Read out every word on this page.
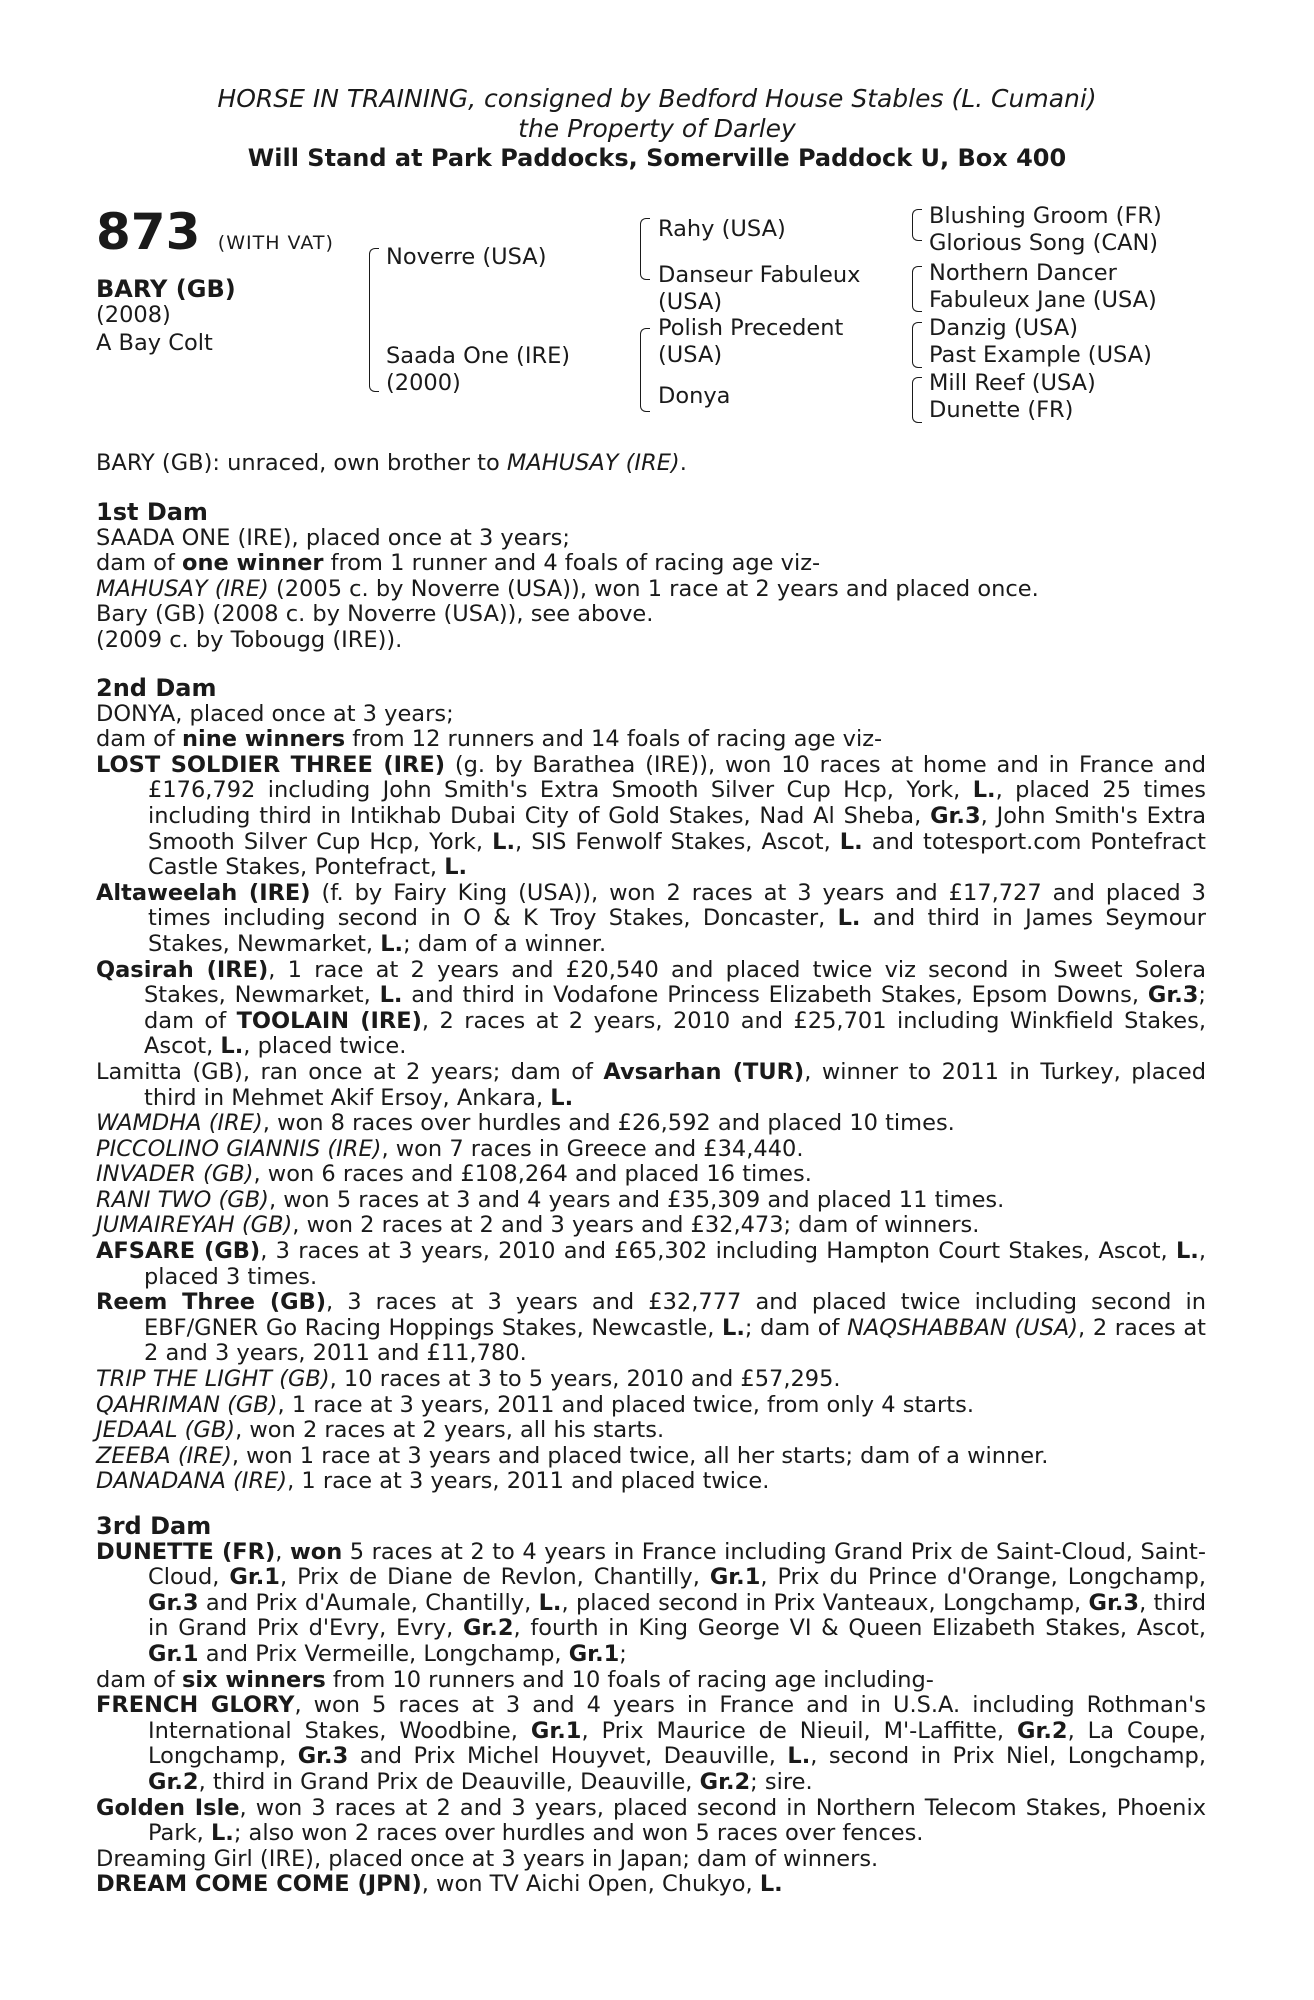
HORSE IN TRAINING, consigned by Bedford House Stables (L. Cumani)
the Property of Darley
Will Stand at Park Paddocks, Somerville Paddock U, Box 400
873 (WITH VAT)
BARY (GB)
(2008)
A Bay Colt
Noverre (USA)
Saada One (IRE)
(2000)
Rahy (USA)
Danseur Fabuleux
(USA)
Polish Precedent
(USA)
Donya
Blushing Groom (FR)
Glorious Song (CAN)
Northern Dancer
Fabuleux Jane (USA)
Danzig (USA)
Past Example (USA)
Mill Reef (USA)
Dunette (FR)
BARY (GB): unraced, own brother to MAHUSAY (IRE).

1st Dam

SAADA ONE (IRE), placed once at 3 years;

dam of one winner from 1 runner and 4 foals of racing age viz-

MAHUSAY (IRE) (2005 c. by Noverre (USA)), won 1 race at 2 years and placed once.

Bary (GB) (2008 c. by Noverre (USA)), see above.

(2009 c. by Tobougg (IRE)).

2nd Dam

DONYA, placed once at 3 years;

dam of nine winners from 12 runners and 14 foals of racing age viz-

LOST SOLDIER THREE (IRE) (g. by Barathea (IRE)), won 10 races at home and in France and £176,792 including John Smith's Extra Smooth Silver Cup Hcp, York, L., placed 25 times including third in Intikhab Dubai City of Gold Stakes, Nad Al Sheba, Gr.3, John Smith's Extra Smooth Silver Cup Hcp, York, L., SIS Fenwolf Stakes, Ascot, L. and totesport.com Pontefract Castle Stakes, Pontefract, L.

Altaweelah (IRE) (f. by Fairy King (USA)), won 2 races at 3 years and £17,727 and placed 3 times including second in O & K Troy Stakes, Doncaster, L. and third in James Seymour Stakes, Newmarket, L.; dam of a winner.

Qasirah (IRE), 1 race at 2 years and £20,540 and placed twice viz second in Sweet Solera Stakes, Newmarket, L. and third in Vodafone Princess Elizabeth Stakes, Epsom Downs, Gr.3; dam of TOOLAIN (IRE), 2 races at 2 years, 2010 and £25,701 including Winkfield Stakes, Ascot, L., placed twice.

Lamitta (GB), ran once at 2 years; dam of Avsarhan (TUR), winner to 2011 in Turkey, placed third in Mehmet Akif Ersoy, Ankara, L.

WAMDHA (IRE), won 8 races over hurdles and £26,592 and placed 10 times.

PICCOLINO GIANNIS (IRE), won 7 races in Greece and £34,440.

INVADER (GB), won 6 races and £108,264 and placed 16 times.

RANI TWO (GB), won 5 races at 3 and 4 years and £35,309 and placed 11 times.

JUMAIREYAH (GB), won 2 races at 2 and 3 years and £32,473; dam of winners.

AFSARE (GB), 3 races at 3 years, 2010 and £65,302 including Hampton Court Stakes, Ascot, L., placed 3 times.

Reem Three (GB), 3 races at 3 years and £32,777 and placed twice including second in EBF/GNER Go Racing Hoppings Stakes, Newcastle, L.; dam of NAQSHABBAN (USA), 2 races at 2 and 3 years, 2011 and £11,780.

TRIP THE LIGHT (GB), 10 races at 3 to 5 years, 2010 and £57,295.

QAHRIMAN (GB), 1 race at 3 years, 2011 and placed twice, from only 4 starts.

JEDAAL (GB), won 2 races at 2 years, all his starts.

ZEEBA (IRE), won 1 race at 3 years and placed twice, all her starts; dam of a winner.

DANADANA (IRE), 1 race at 3 years, 2011 and placed twice.

3rd Dam

DUNETTE (FR), won 5 races at 2 to 4 years in France including Grand Prix de Saint-Cloud, Saint-Cloud, Gr.1, Prix de Diane de Revlon, Chantilly, Gr.1, Prix du Prince d'Orange, Longchamp, Gr.3 and Prix d'Aumale, Chantilly, L., placed second in Prix Vanteaux, Longchamp, Gr.3, third in Grand Prix d'Evry, Evry, Gr.2, fourth in King George VI & Queen Elizabeth Stakes, Ascot, Gr.1 and Prix Vermeille, Longchamp, Gr.1;

dam of six winners from 10 runners and 10 foals of racing age including-

FRENCH GLORY, won 5 races at 3 and 4 years in France and in U.S.A. including Rothman's International Stakes, Woodbine, Gr.1, Prix Maurice de Nieuil, M'-Laffitte, Gr.2, La Coupe, Longchamp, Gr.3 and Prix Michel Houyvet, Deauville, L., second in Prix Niel, Longchamp, Gr.2, third in Grand Prix de Deauville, Deauville, Gr.2; sire.

Golden Isle, won 3 races at 2 and 3 years, placed second in Northern Telecom Stakes, Phoenix Park, L.; also won 2 races over hurdles and won 5 races over fences.

Dreaming Girl (IRE), placed once at 3 years in Japan; dam of winners.

DREAM COME COME (JPN), won TV Aichi Open, Chukyo, L.
